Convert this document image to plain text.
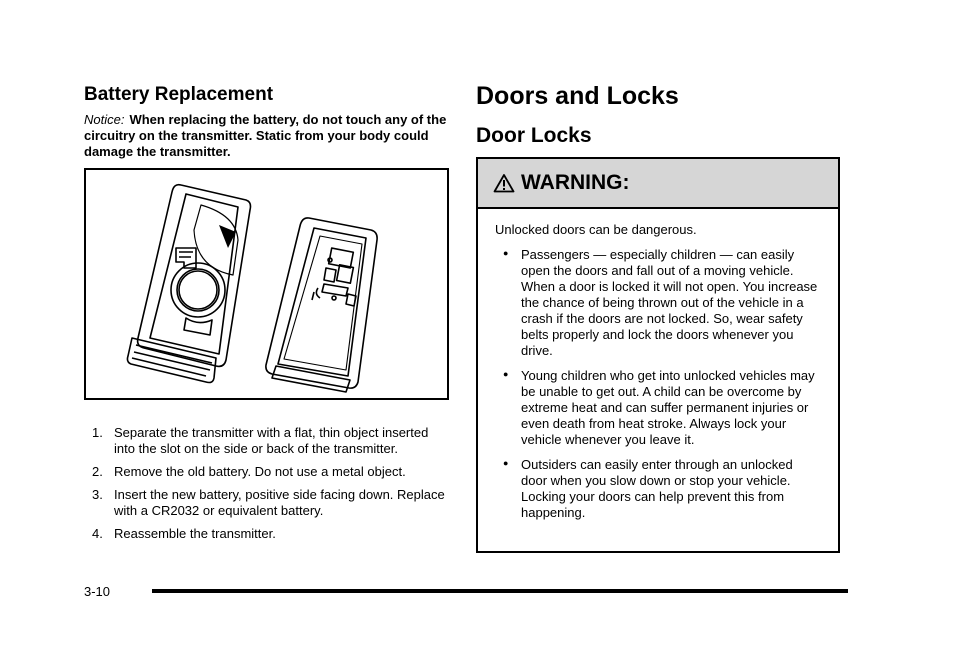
Battery Replacement
Notice: When replacing the battery, do not touch any of the circuitry on the transmitter. Static from your body could damage the transmitter.
1. Separate the transmitter with a flat, thin object inserted into the slot on the side or back of the transmitter.
2. Remove the old battery. Do not use a metal object.
3. Insert the new battery, positive side facing down. Replace with a CR2032 or equivalent battery.
4. Reassemble the transmitter.
Doors and Locks
Door Locks
WARNING:
Unlocked doors can be dangerous.
● Passengers — especially children — can easily open the doors and fall out of a moving vehicle. When a door is locked it will not open. You increase the chance of being thrown out of the vehicle in a crash if the doors are not locked. So, wear safety belts properly and lock the doors whenever you drive.
● Young children who get into unlocked vehicles may be unable to get out. A child can be overcome by extreme heat and can suffer permanent injuries or even death from heat stroke. Always lock your vehicle whenever you leave it.
● Outsiders can easily enter through an unlocked door when you slow down or stop your vehicle. Locking your doors can help prevent this from happening.
3-10
